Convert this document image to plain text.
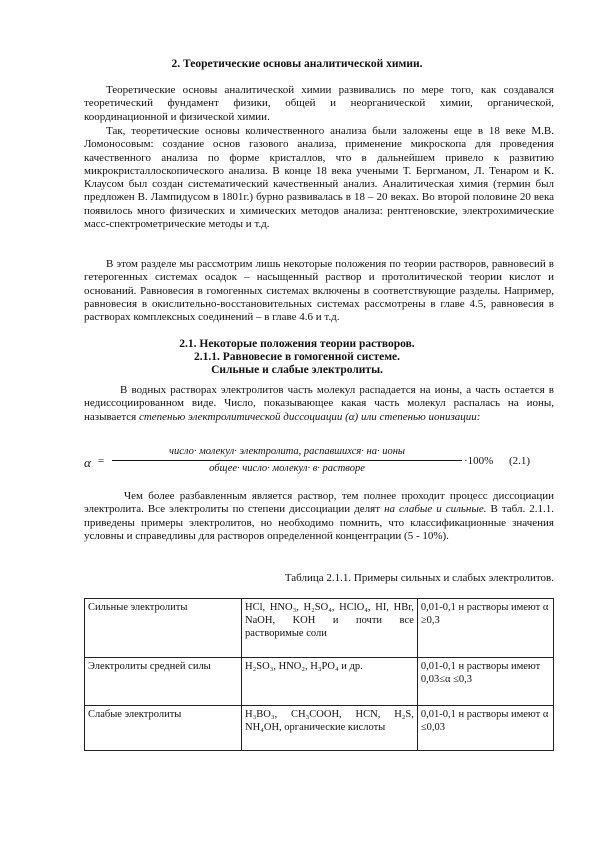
2. Теоретические основы аналитической химии.

Теоретические основы аналитической химии развивались по мере того, как создавался теоретический фундамент физики, общей и неорганической химии, органической, координационной и физической химии.

Так, теоретические основы количественного анализа были заложены еще в 18 веке М.В. Ломоносовым: создание основ газового анализа, применение микроскопа для проведения качественного анализа по форме кристаллов, что в дальнейшем привело к развитию микрокристаллоскопического анализа. В конце 18 века учеными Т. Бергманом, Л. Тенаром и К. Клаусом был создан систематический качественный анализ. Аналитическая химия (термин был предложен В. Лампидусом в 1801г.) бурно развивалась в 18 – 20 веках. Во второй половине 20 века появилось много физических и химических методов анализа: рентгеновские, электрохимические масс-спектрометрические методы и т.д.

В этом разделе мы рассмотрим лишь некоторые положения по теории растворов, равновесий в гетерогенных системах осадок – насыщенный раствор и протолитической теории кислот и оснований. Равновесия в гомогенных системах включены в соответствующие разделы. Например, равновесия в окислительно-восстановительных системах рассмотрены в главе 4.5, равновесия в растворах комплексных соединений – в главе 4.6 и т.д.

2.1. Некоторые положения теории растворов.
2.1.1. Равновесие в гомогенной системе.
Сильные и слабые электролиты.

В водных растворах электролитов часть молекул распадается на ионы, а часть остается в недиссоциированном виде. Число, показывающее какая часть молекул распалась на ионы, называется степенью электролитической диссоциации (α) или степенью ионизации:

α =
число· молекул· электролита, распавшихся· на· ионы
общее· число· молекул· в· растворе
·100% (2.1)

Чем более разбавленным является раствор, тем полнее проходит процесс диссоциации электролита. Все электролиты по степени диссоциации делят на слабые и сильные. В табл. 2.1.1. приведены примеры электролитов, но необходимо помнить, что классификационные значения условны и справедливы для растворов определенной концентрации (5 - 10%).

Таблица 2.1.1. Примеры сильных и слабых электролитов.
Сильные электролиты	HCl, HNO₃, H₂SO₄, HClO₄, HI, HBr, NaOH, KOH и почти все растворимые соли	0,01-0,1 н растворы имеют α ≥0,3
Электролиты средней силы	H₂SO₃, HNO₂, H₃PO₄ и др.	0,01-0,1 н растворы имеют 0,03≤α ≤0,3
Слабые электролиты	H₃BO₃, CH₃COOH, HCN, H₂S, NH₄OH, органические кислоты	0,01-0,1 н растворы имеют α ≤0,03
